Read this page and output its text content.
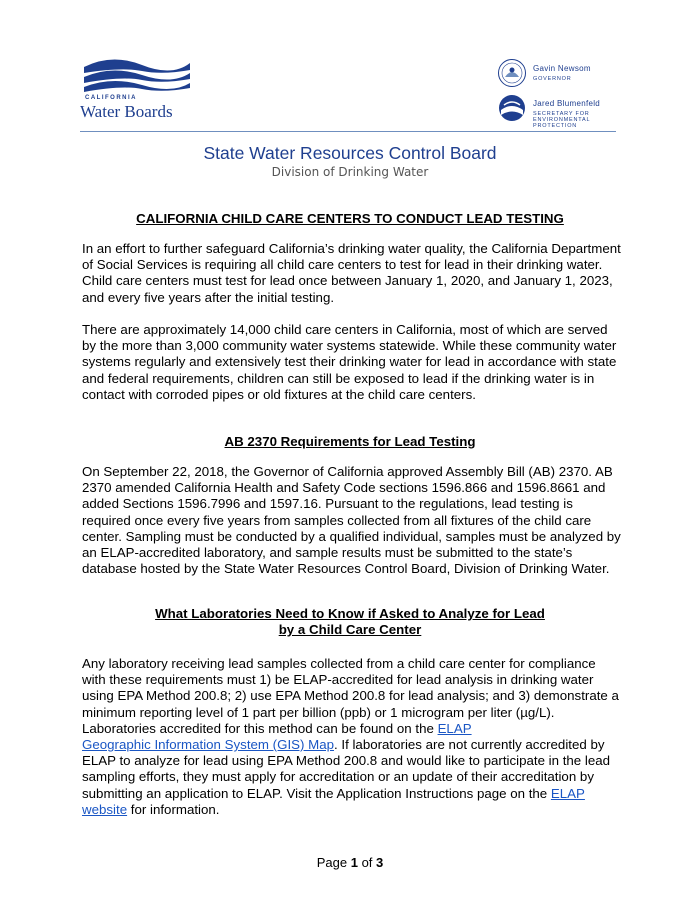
CALIFORNIA
Water Boards
Gavin Newsom
GOVERNOR
Jared Blumenfeld
SECRETARY FOR
ENVIRONMENTAL PROTECTION
State Water Resources Control Board
Division of Drinking Water
CALIFORNIA CHILD CARE CENTERS TO CONDUCT LEAD TESTING

In an effort to further safeguard California’s drinking water quality, the California Department of Social Services is requiring all child care centers to test for lead in their drinking water. Child care centers must test for lead once between January 1, 2020, and January 1, 2023, and every five years after the initial testing.

There are approximately 14,000 child care centers in California, most of which are served by the more than 3,000 community water systems statewide. While these community water systems regularly and extensively test their drinking water for lead in accordance with state and federal requirements, children can still be exposed to lead if the drinking water is in contact with corroded pipes or old fixtures at the child care centers.

AB 2370 Requirements for Lead Testing

On September 22, 2018, the Governor of California approved Assembly Bill (AB) 2370. AB 2370 amended California Health and Safety Code sections 1596.866 and 1596.8661 and added Sections 1596.7996 and 1597.16. Pursuant to the regulations, lead testing is required once every five years from samples collected from all fixtures of the child care center. Sampling must be conducted by a qualified individual, samples must be analyzed by an ELAP-accredited laboratory, and sample results must be submitted to the state’s database hosted by the State Water Resources Control Board, Division of Drinking Water.

What Laboratories Need to Know if Asked to Analyze for Lead
by a Child Care Center

Any laboratory receiving lead samples collected from a child care center for compliance with these requirements must 1) be ELAP-accredited for lead analysis in drinking water using EPA Method 200.8; 2) use EPA Method 200.8 for lead analysis; and 3) demonstrate a minimum reporting level of 1 part per billion (ppb) or 1 microgram per liter (µg/L). Laboratories accredited for this method can be found on the ELAP
Geographic Information System (GIS) Map. If laboratories are not currently accredited by ELAP to analyze for lead using EPA Method 200.8 and would like to participate in the lead sampling efforts, they must apply for accreditation or an update of their accreditation by submitting an application to ELAP. Visit the Application Instructions page on the ELAP website for information.

Page 1 of 3
